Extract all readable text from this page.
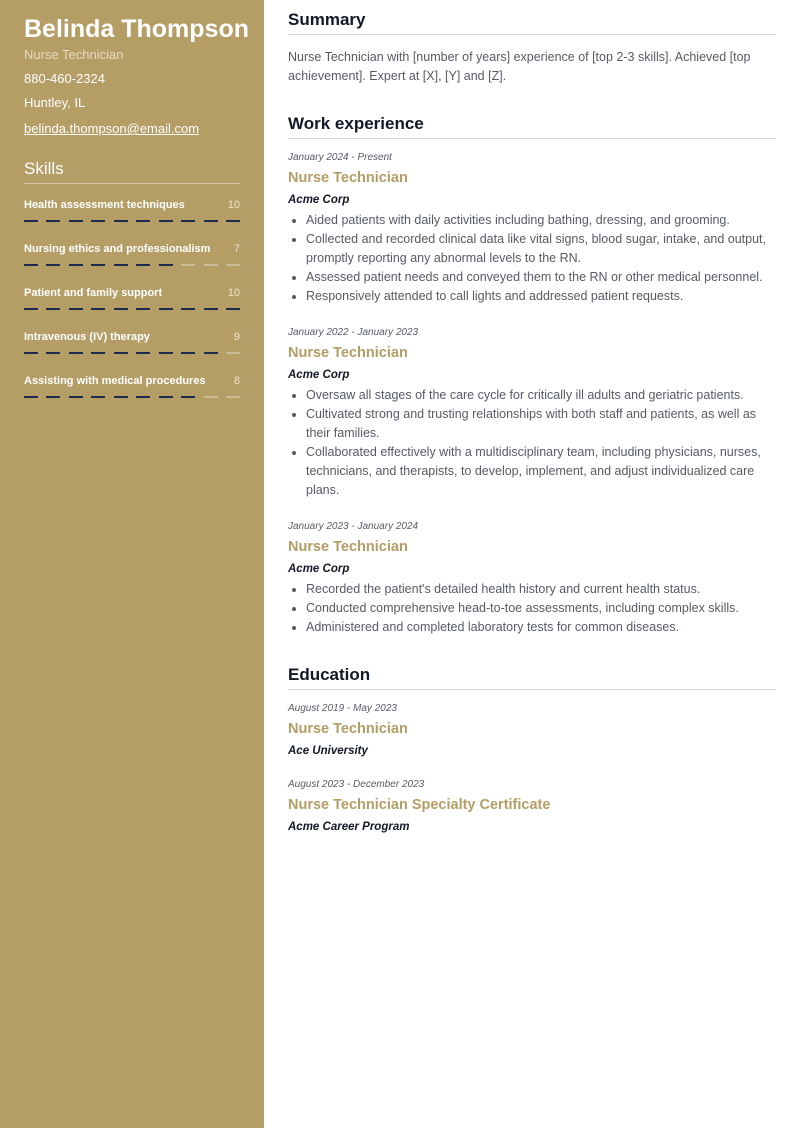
Belinda Thompson
Nurse Technician
880-460-2324
Huntley, IL
belinda.thompson@email.com
Skills
Health assessment techniques	10
Nursing ethics and professionalism 7
Patient and family support	10
Intravenous (IV) therapy	9
Assisting with medical procedures	8
Summary

Nurse Technician with [number of years] experience of [top 2-3 skills]. Achieved [top achievement]. Expert at [X], [Y] and [Z].

Work experience
January 2024 - Present
Nurse Technician
Acme Corp
• Aided patients with daily activities including bathing, dressing, and grooming.
• Collected and recorded clinical data like vital signs, blood sugar, intake, and output, promptly reporting any abnormal levels to the RN.
• Assessed patient needs and conveyed them to the RN or other medical personnel.
• Responsively attended to call lights and addressed patient requests.
January 2022 - January 2023
Nurse Technician
Acme Corp
• Oversaw all stages of the care cycle for critically ill adults and geriatric patients.
• Cultivated strong and trusting relationships with both staff and patients, as well as their families.
• Collaborated effectively with a multidisciplinary team, including physicians, nurses, technicians, and therapists, to develop, implement, and adjust individualized care plans.
January 2023 - January 2024
Nurse Technician
Acme Corp
• Recorded the patient's detailed health history and current health status.
• Conducted comprehensive head-to-toe assessments, including complex skills.
• Administered and completed laboratory tests for common diseases.
Education
August 2019 - May 2023
Nurse Technician
Ace University
August 2023 - December 2023
Nurse Technician Specialty Certificate
Acme Career Program
